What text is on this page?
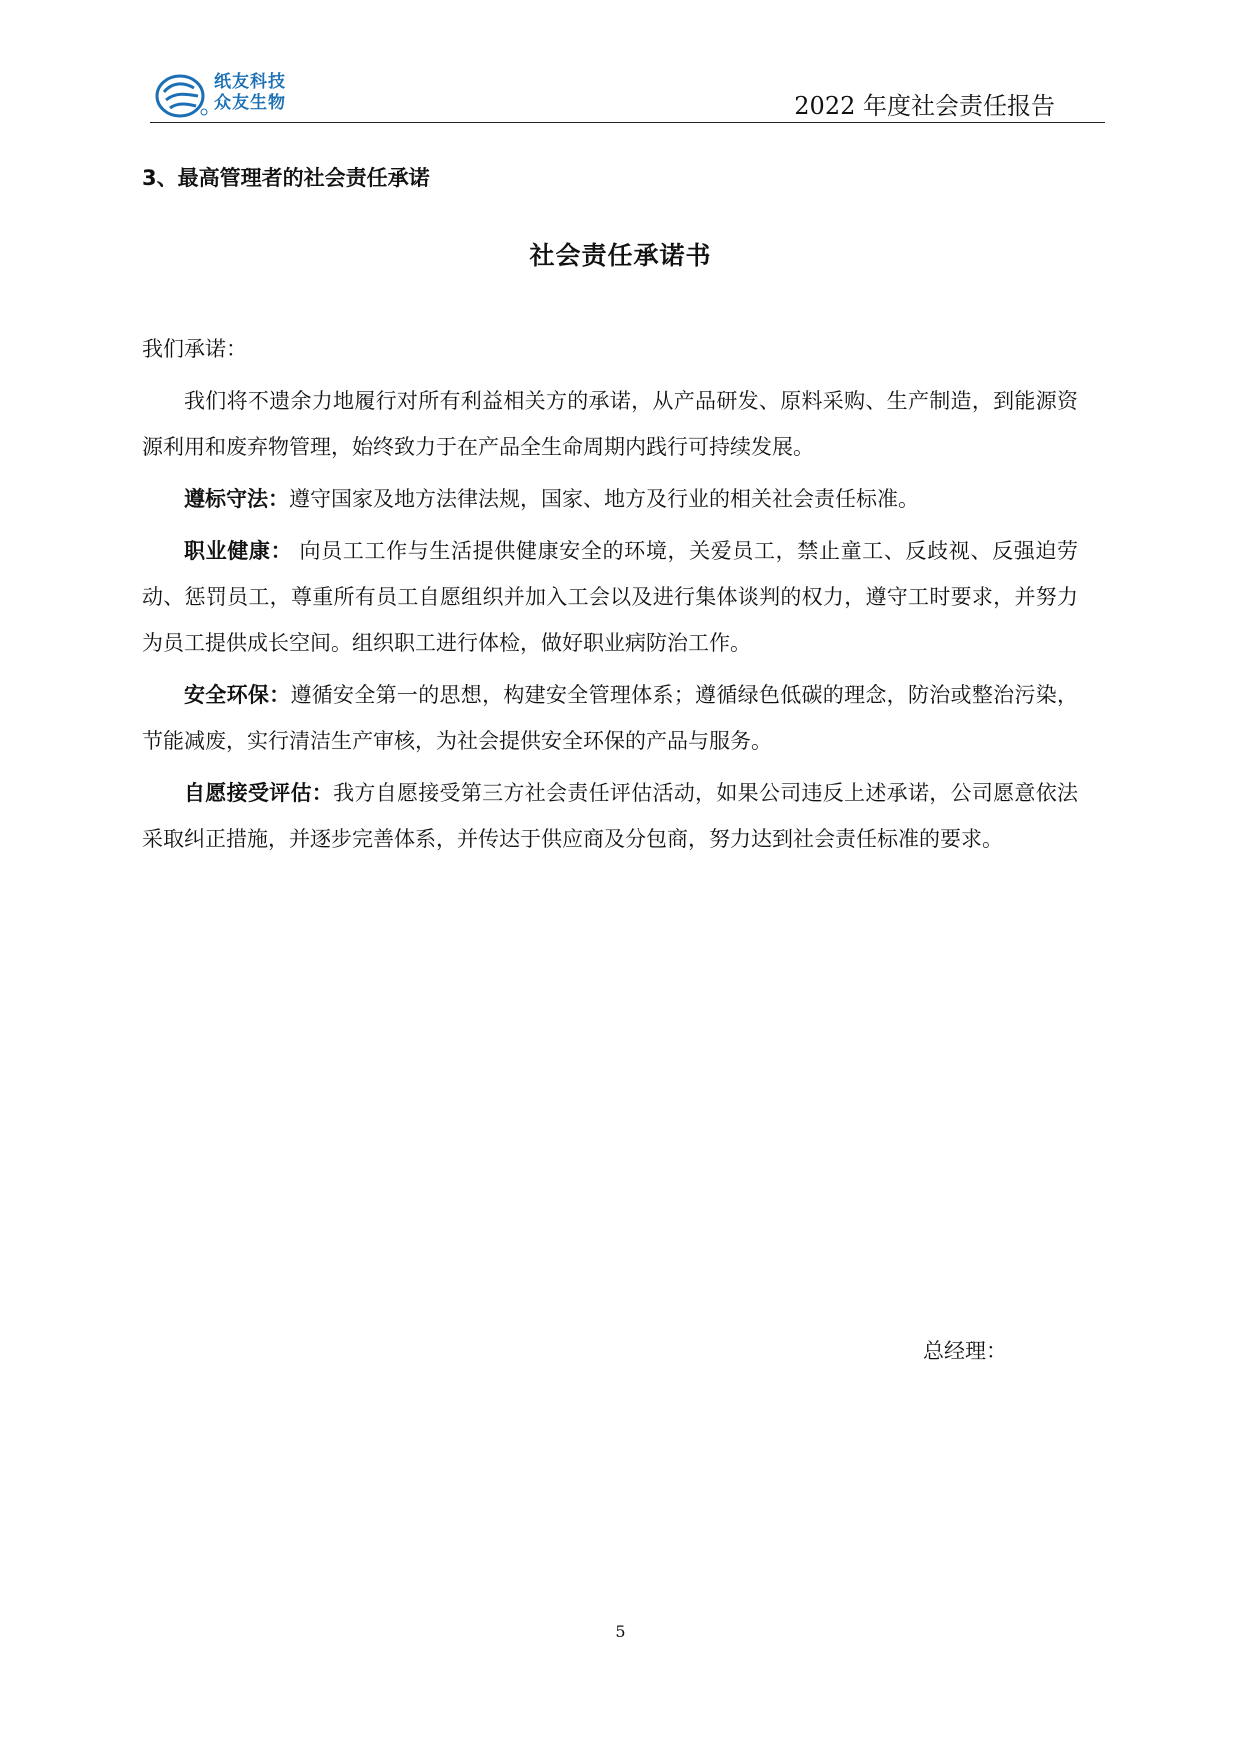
纸友科技
众友生物	2022 年度社会责任报告
3、最高管理者的社会责任承诺
社会责任承诺书

我们承诺：

我们将不遗余力地履行对所有利益相关方的承诺，从产品研发、原料采购、生产制造，到能源资源利用和废弃物管理，始终致力于在产品全生命周期内践行可持续发展。

遵标守法：遵守国家及地方法律法规，国家、地方及行业的相关社会责任标准。

职业健康： 向员工工作与生活提供健康安全的环境，关爱员工，禁止童工、反歧视、反强迫劳动、惩罚员工，尊重所有员工自愿组织并加入工会以及进行集体谈判的权力，遵守工时要求，并努力为员工提供成长空间。组织职工进行体检，做好职业病防治工作。

安全环保：遵循安全第一的思想，构建安全管理体系；遵循绿色低碳的理念，防治或整治污染，节能减废，实行清洁生产审核，为社会提供安全环保的产品与服务。

自愿接受评估：我方自愿接受第三方社会责任评估活动，如果公司违反上述承诺，公司愿意依法采取纠正措施，并逐步完善体系，并传达于供应商及分包商，努力达到社会责任标准的要求。

总经理：
5
